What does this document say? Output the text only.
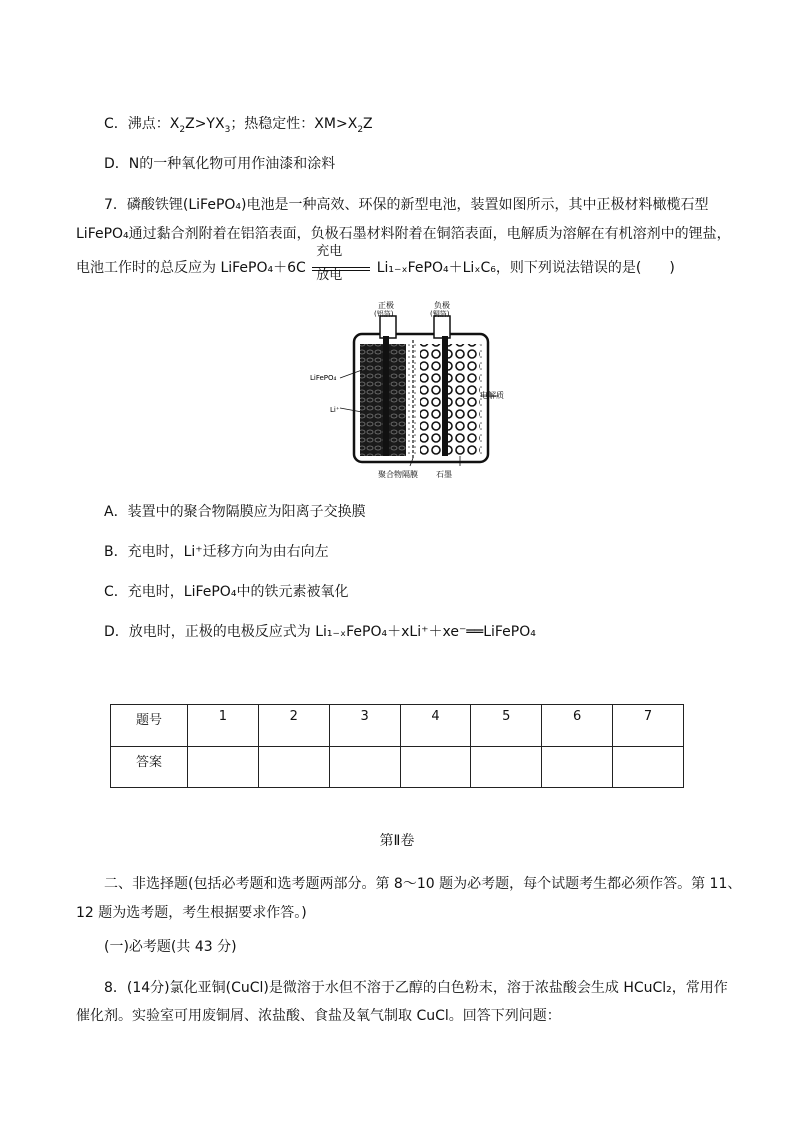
C．沸点：$X_2Z>YX_3$；热稳定性：$XM>X_2Z$
D．N的一种氧化物可用作油漆和涂料
7．磷酸铁锂(LiFePO₄)电池是一种高效、环保的新型电池，装置如图所示，其中正极材料橄榄石型
LiFePO₄通过黏合剂附着在铝箔表面，负极石墨材料附着在铜箔表面，电解质为溶解在有机溶剂中的锂盐，
电池工作时的总反应为 LiFePO₄＋6C
充电
放电 Li₁₋ₓFePO₄＋LiₓC₆，则下列说法错误的是(　　)
正极
(铝箔)
负极
(铜箔)
LiFePO₄
Li⁺
电解质
聚合物隔膜 石墨
A．装置中的聚合物隔膜应为阳离子交换膜
B．充电时，Li⁺迁移方向为由右向左
C．充电时，LiFePO₄中的铁元素被氧化
D．放电时，正极的电极反应式为 Li₁₋ₓFePO₄＋xLi⁺＋xe⁻══LiFePO₄
题号	1	2	3	4	5	6	7
答案							
第Ⅱ卷
二、非选择题(包括必考题和选考题两部分。第 8～10 题为必考题，每个试题考生都必须作答。第 11、
12 题为选考题，考生根据要求作答。)
(一)必考题(共 43 分)
8．(14分)氯化亚铜(CuCl)是微溶于水但不溶于乙醇的白色粉末，溶于浓盐酸会生成 HCuCl₂，常用作
催化剂。实验室可用废铜屑、浓盐酸、食盐及氧气制取 CuCl。回答下列问题：
